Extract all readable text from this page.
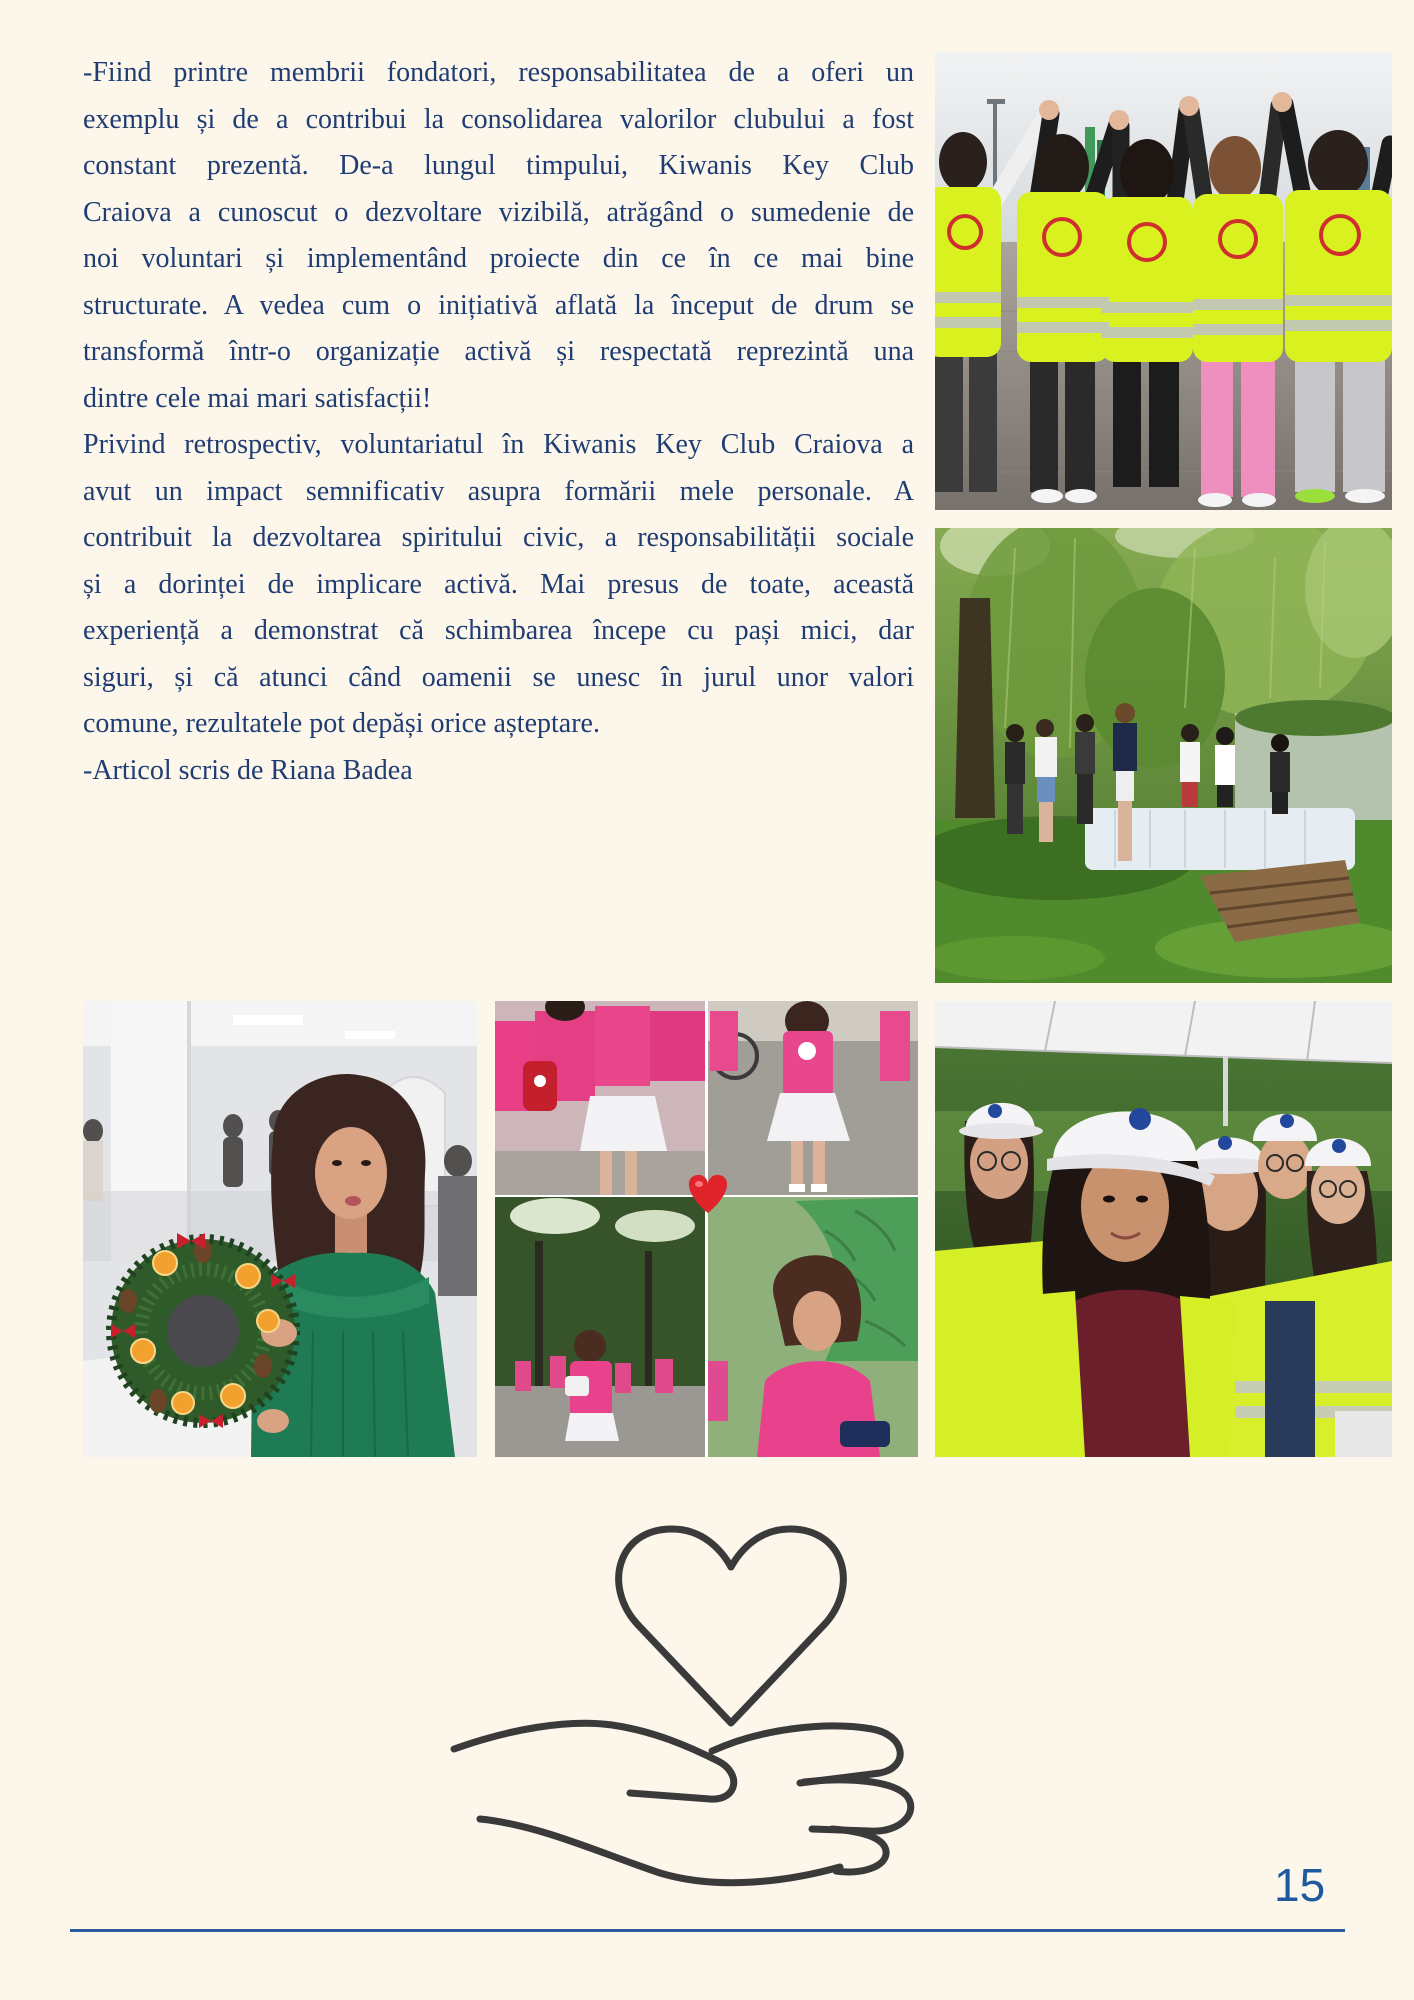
-Fiind printre membrii fondatori, responsabilitatea de a oferi un
exemplu și de a contribui la consolidarea valorilor clubului a fost
constant prezentă. De-a lungul timpului, Kiwanis Key Club
Craiova a cunoscut o dezvoltare vizibilă, atrăgând o sumedenie de
noi voluntari și implementând proiecte din ce în ce mai bine
structurate. A vedea cum o inițiativă aflată la început de drum se
transformă într-o organizație activă și respectată reprezintă una
dintre cele mai mari satisfacții!
Privind retrospectiv, voluntariatul în Kiwanis Key Club Craiova a
avut un impact semnificativ asupra formării mele personale. A
contribuit la dezvoltarea spiritului civic, a responsabilității sociale
și a dorinței de implicare activă. Mai presus de toate, această
experiență a demonstrat că schimbarea începe cu pași mici, dar
siguri, și că atunci când oamenii se unesc în jurul unor valori
comune, rezultatele pot depăși orice așteptare.
-Articol scris de Riana Badea
15
